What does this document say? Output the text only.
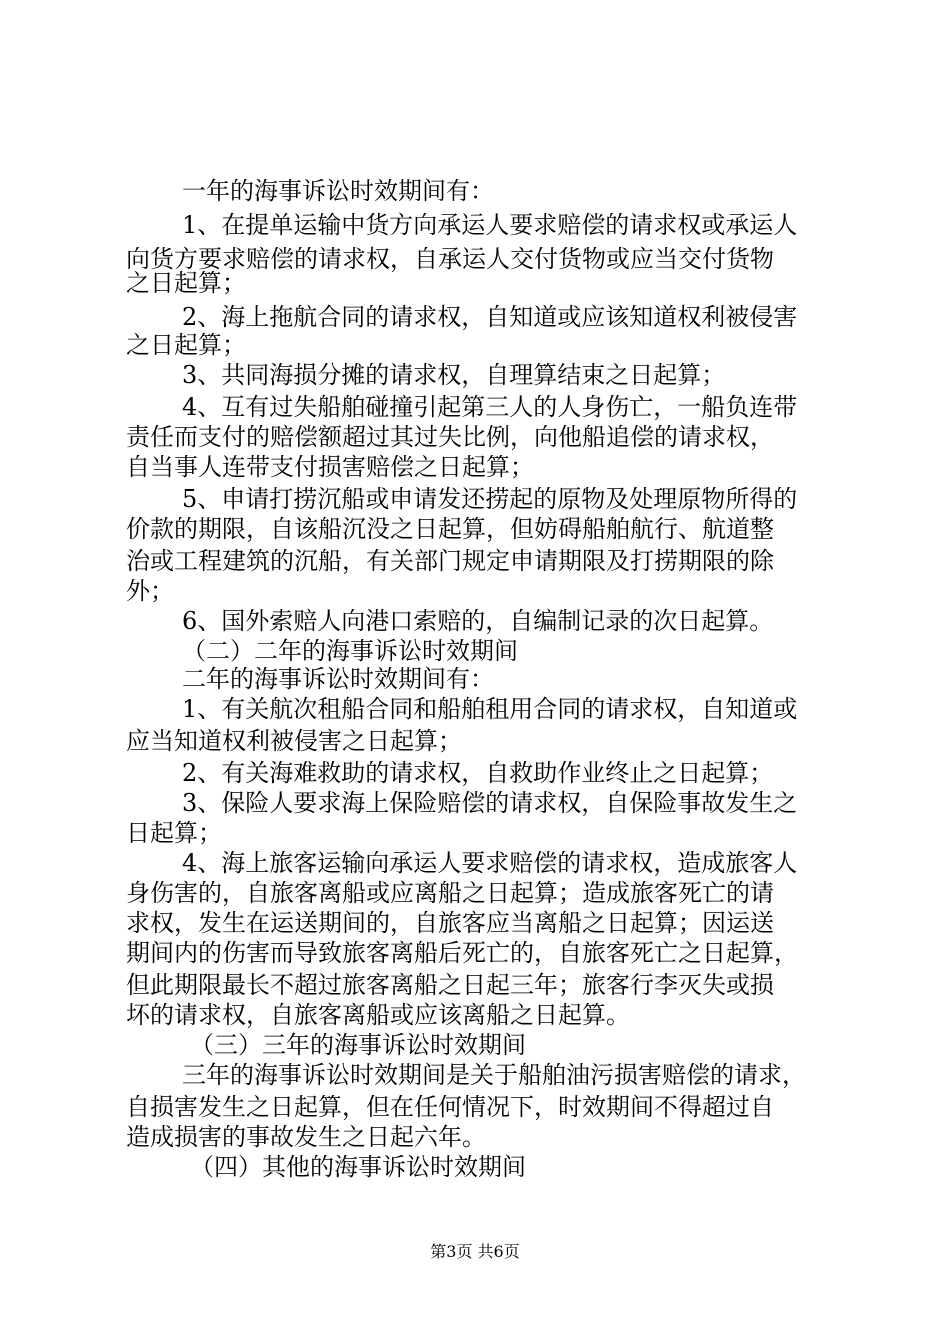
一年的海事诉讼时效期间有：
1、在提单运输中货方向承运人要求赔偿的请求权或承运人
向货方要求赔偿的请求权，自承运人交付货物或应当交付货物
之日起算；
2、海上拖航合同的请求权，自知道或应该知道权利被侵害
之日起算；
3、共同海损分摊的请求权，自理算结束之日起算；
4、互有过失船舶碰撞引起第三人的人身伤亡，一船负连带
责任而支付的赔偿额超过其过失比例，向他船追偿的请求权，
自当事人连带支付损害赔偿之日起算；
5、申请打捞沉船或申请发还捞起的原物及处理原物所得的
价款的期限，自该船沉没之日起算，但妨碍船舶航行、航道整
治或工程建筑的沉船，有关部门规定申请期限及打捞期限的除
外；
6、国外索赔人向港口索赔的，自编制记录的次日起算。
（二）二年的海事诉讼时效期间
二年的海事诉讼时效期间有：
1、有关航次租船合同和船舶租用合同的请求权，自知道或
应当知道权利被侵害之日起算；
2、有关海难救助的请求权，自救助作业终止之日起算；
3、保险人要求海上保险赔偿的请求权，自保险事故发生之
日起算；
4、海上旅客运输向承运人要求赔偿的请求权，造成旅客人
身伤害的，自旅客离船或应离船之日起算；造成旅客死亡的请
求权，发生在运送期间的，自旅客应当离船之日起算；因运送
期间内的伤害而导致旅客离船后死亡的，自旅客死亡之日起算，
但此期限最长不超过旅客离船之日起三年；旅客行李灭失或损
坏的请求权，自旅客离船或应该离船之日起算。
（三）三年的海事诉讼时效期间
三年的海事诉讼时效期间是关于船舶油污损害赔偿的请求，
自损害发生之日起算，但在任何情况下，时效期间不得超过自
造成损害的事故发生之日起六年。
（四）其他的海事诉讼时效期间
第3页 共6页
